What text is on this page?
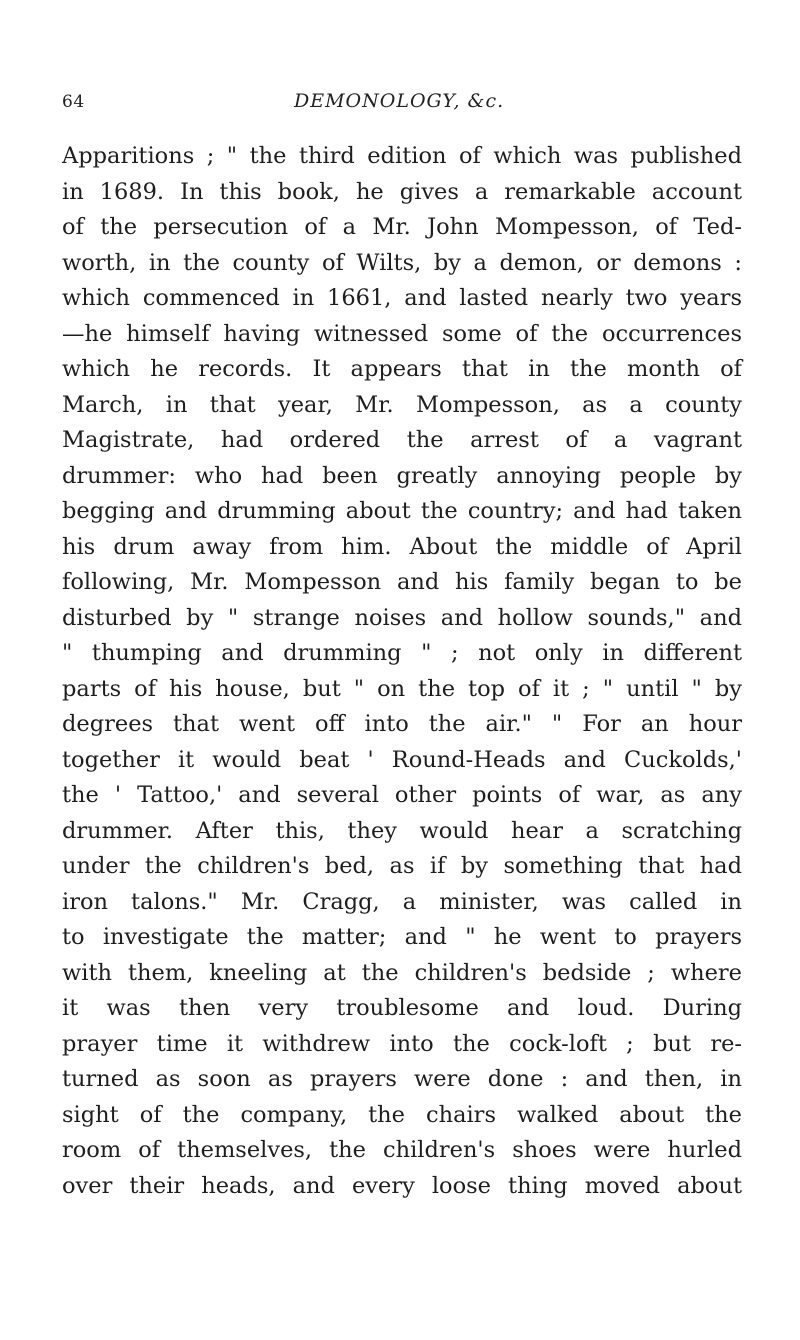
64	DEMONOLOGY, &c.
Apparitions ; " the third edition of which was published
in 1689. In this book, he gives a remarkable account
of the persecution of a Mr. John Mompesson, of Ted-
worth, in the county of Wilts, by a demon, or demons :
which commenced in 1661, and lasted nearly two years
—he himself having witnessed some of the occurrences
which he records. It appears that in the month of
March, in that year, Mr. Mompesson, as a county
Magistrate, had ordered the arrest of a vagrant
drummer: who had been greatly annoying people by
begging and drumming about the country; and had taken
his drum away from him. About the middle of April
following, Mr. Mompesson and his family began to be
disturbed by " strange noises and hollow sounds," and
" thumping and drumming " ; not only in different
parts of his house, but " on the top of it ; " until " by
degrees that went off into the air." " For an hour
together it would beat ' Round-Heads and Cuckolds,'
the ' Tattoo,' and several other points of war, as any
drummer. After this, they would hear a scratching
under the children's bed, as if by something that had
iron talons." Mr. Cragg, a minister, was called in
to investigate the matter; and " he went to prayers
with them, kneeling at the children's bedside ; where
it was then very troublesome and loud. During
prayer time it withdrew into the cock-loft ; but re-
turned as soon as prayers were done : and then, in
sight of the company, the chairs walked about the
room of themselves, the children's shoes were hurled
over their heads, and every loose thing moved about
